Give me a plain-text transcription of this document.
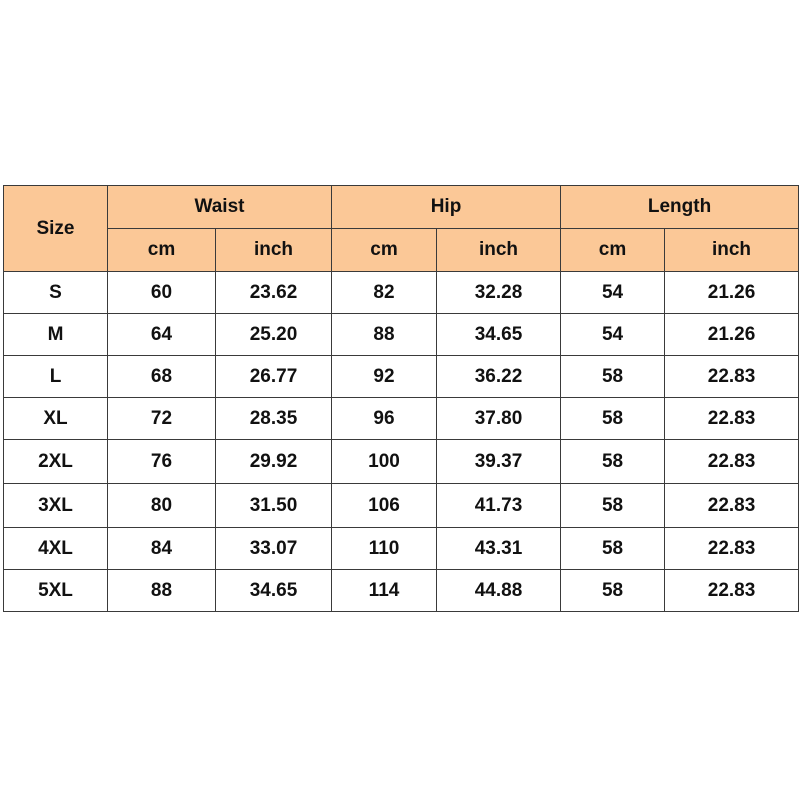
Size	Waist		Hip		Length	
	cm	inch	cm	inch	cm	inch
S	60	23.62	82	32.28	54	21.26
M	64	25.20	88	34.65	54	21.26
L	68	26.77	92	36.22	58	22.83
XL	72	28.35	96	37.80	58	22.83
2XL	76	29.92	100	39.37	58	22.83
3XL	80	31.50	106	41.73	58	22.83
4XL	84	33.07	110	43.31	58	22.83
5XL	88	34.65	114	44.88	58	22.83
